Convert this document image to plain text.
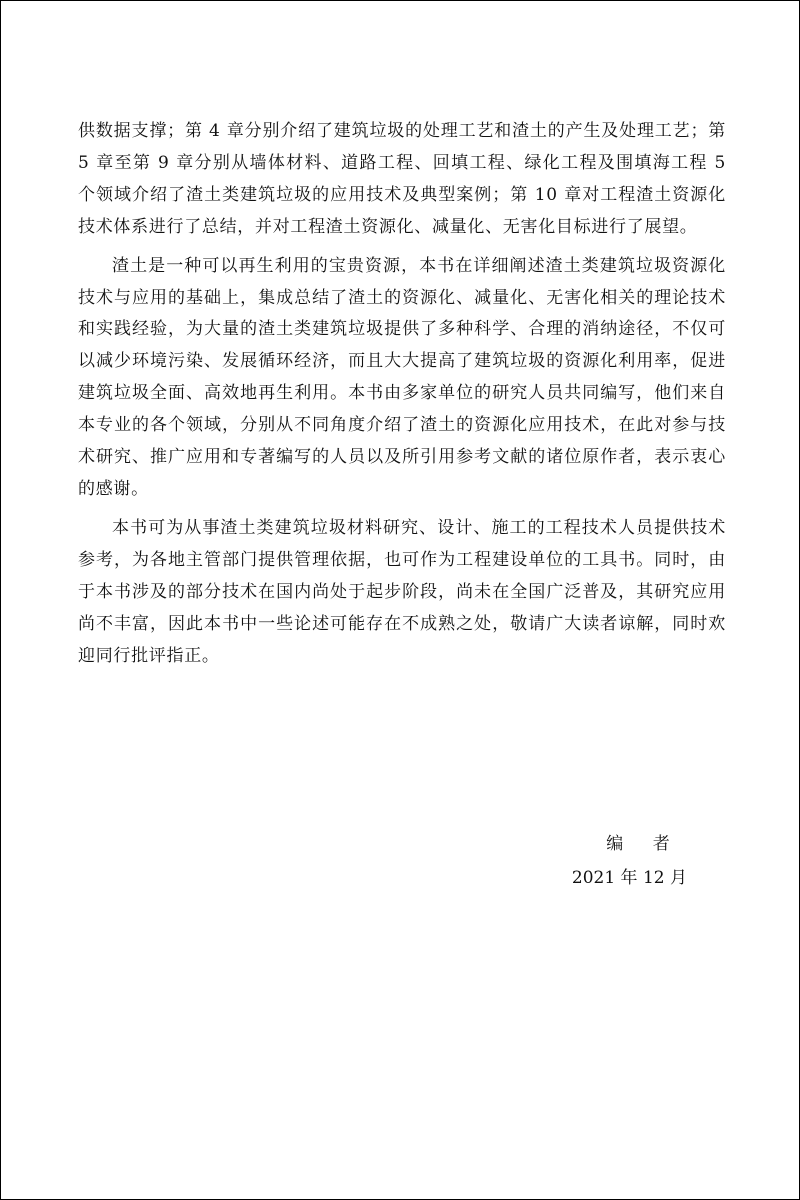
供数据支撑；第 4 章分别介绍了建筑垃圾的处理工艺和渣土的产生及处理工艺；第 5 章至第 9 章分别从墙体材料、道路工程、回填工程、绿化工程及围填海工程 5 个领域介绍了渣土类建筑垃圾的应用技术及典型案例；第 10 章对工程渣土资源化技术体系进行了总结，并对工程渣土资源化、减量化、无害化目标进行了展望。

渣土是一种可以再生利用的宝贵资源，本书在详细阐述渣土类建筑垃圾资源化技术与应用的基础上，集成总结了渣土的资源化、减量化、无害化相关的理论技术和实践经验，为大量的渣土类建筑垃圾提供了多种科学、合理的消纳途径，不仅可以减少环境污染、发展循环经济，而且大大提高了建筑垃圾的资源化利用率，促进建筑垃圾全面、高效地再生利用。本书由多家单位的研究人员共同编写，他们来自本专业的各个领域，分别从不同角度介绍了渣土的资源化应用技术，在此对参与技术研究、推广应用和专著编写的人员以及所引用参考文献的诸位原作者，表示衷心的感谢。

本书可为从事渣土类建筑垃圾材料研究、设计、施工的工程技术人员提供技术参考，为各地主管部门提供管理依据，也可作为工程建设单位的工具书。同时，由于本书涉及的部分技术在国内尚处于起步阶段，尚未在全国广泛普及，其研究应用尚不丰富，因此本书中一些论述可能存在不成熟之处，敬请广大读者谅解，同时欢迎同行批评指正。

编 者
2021 年 12 月
